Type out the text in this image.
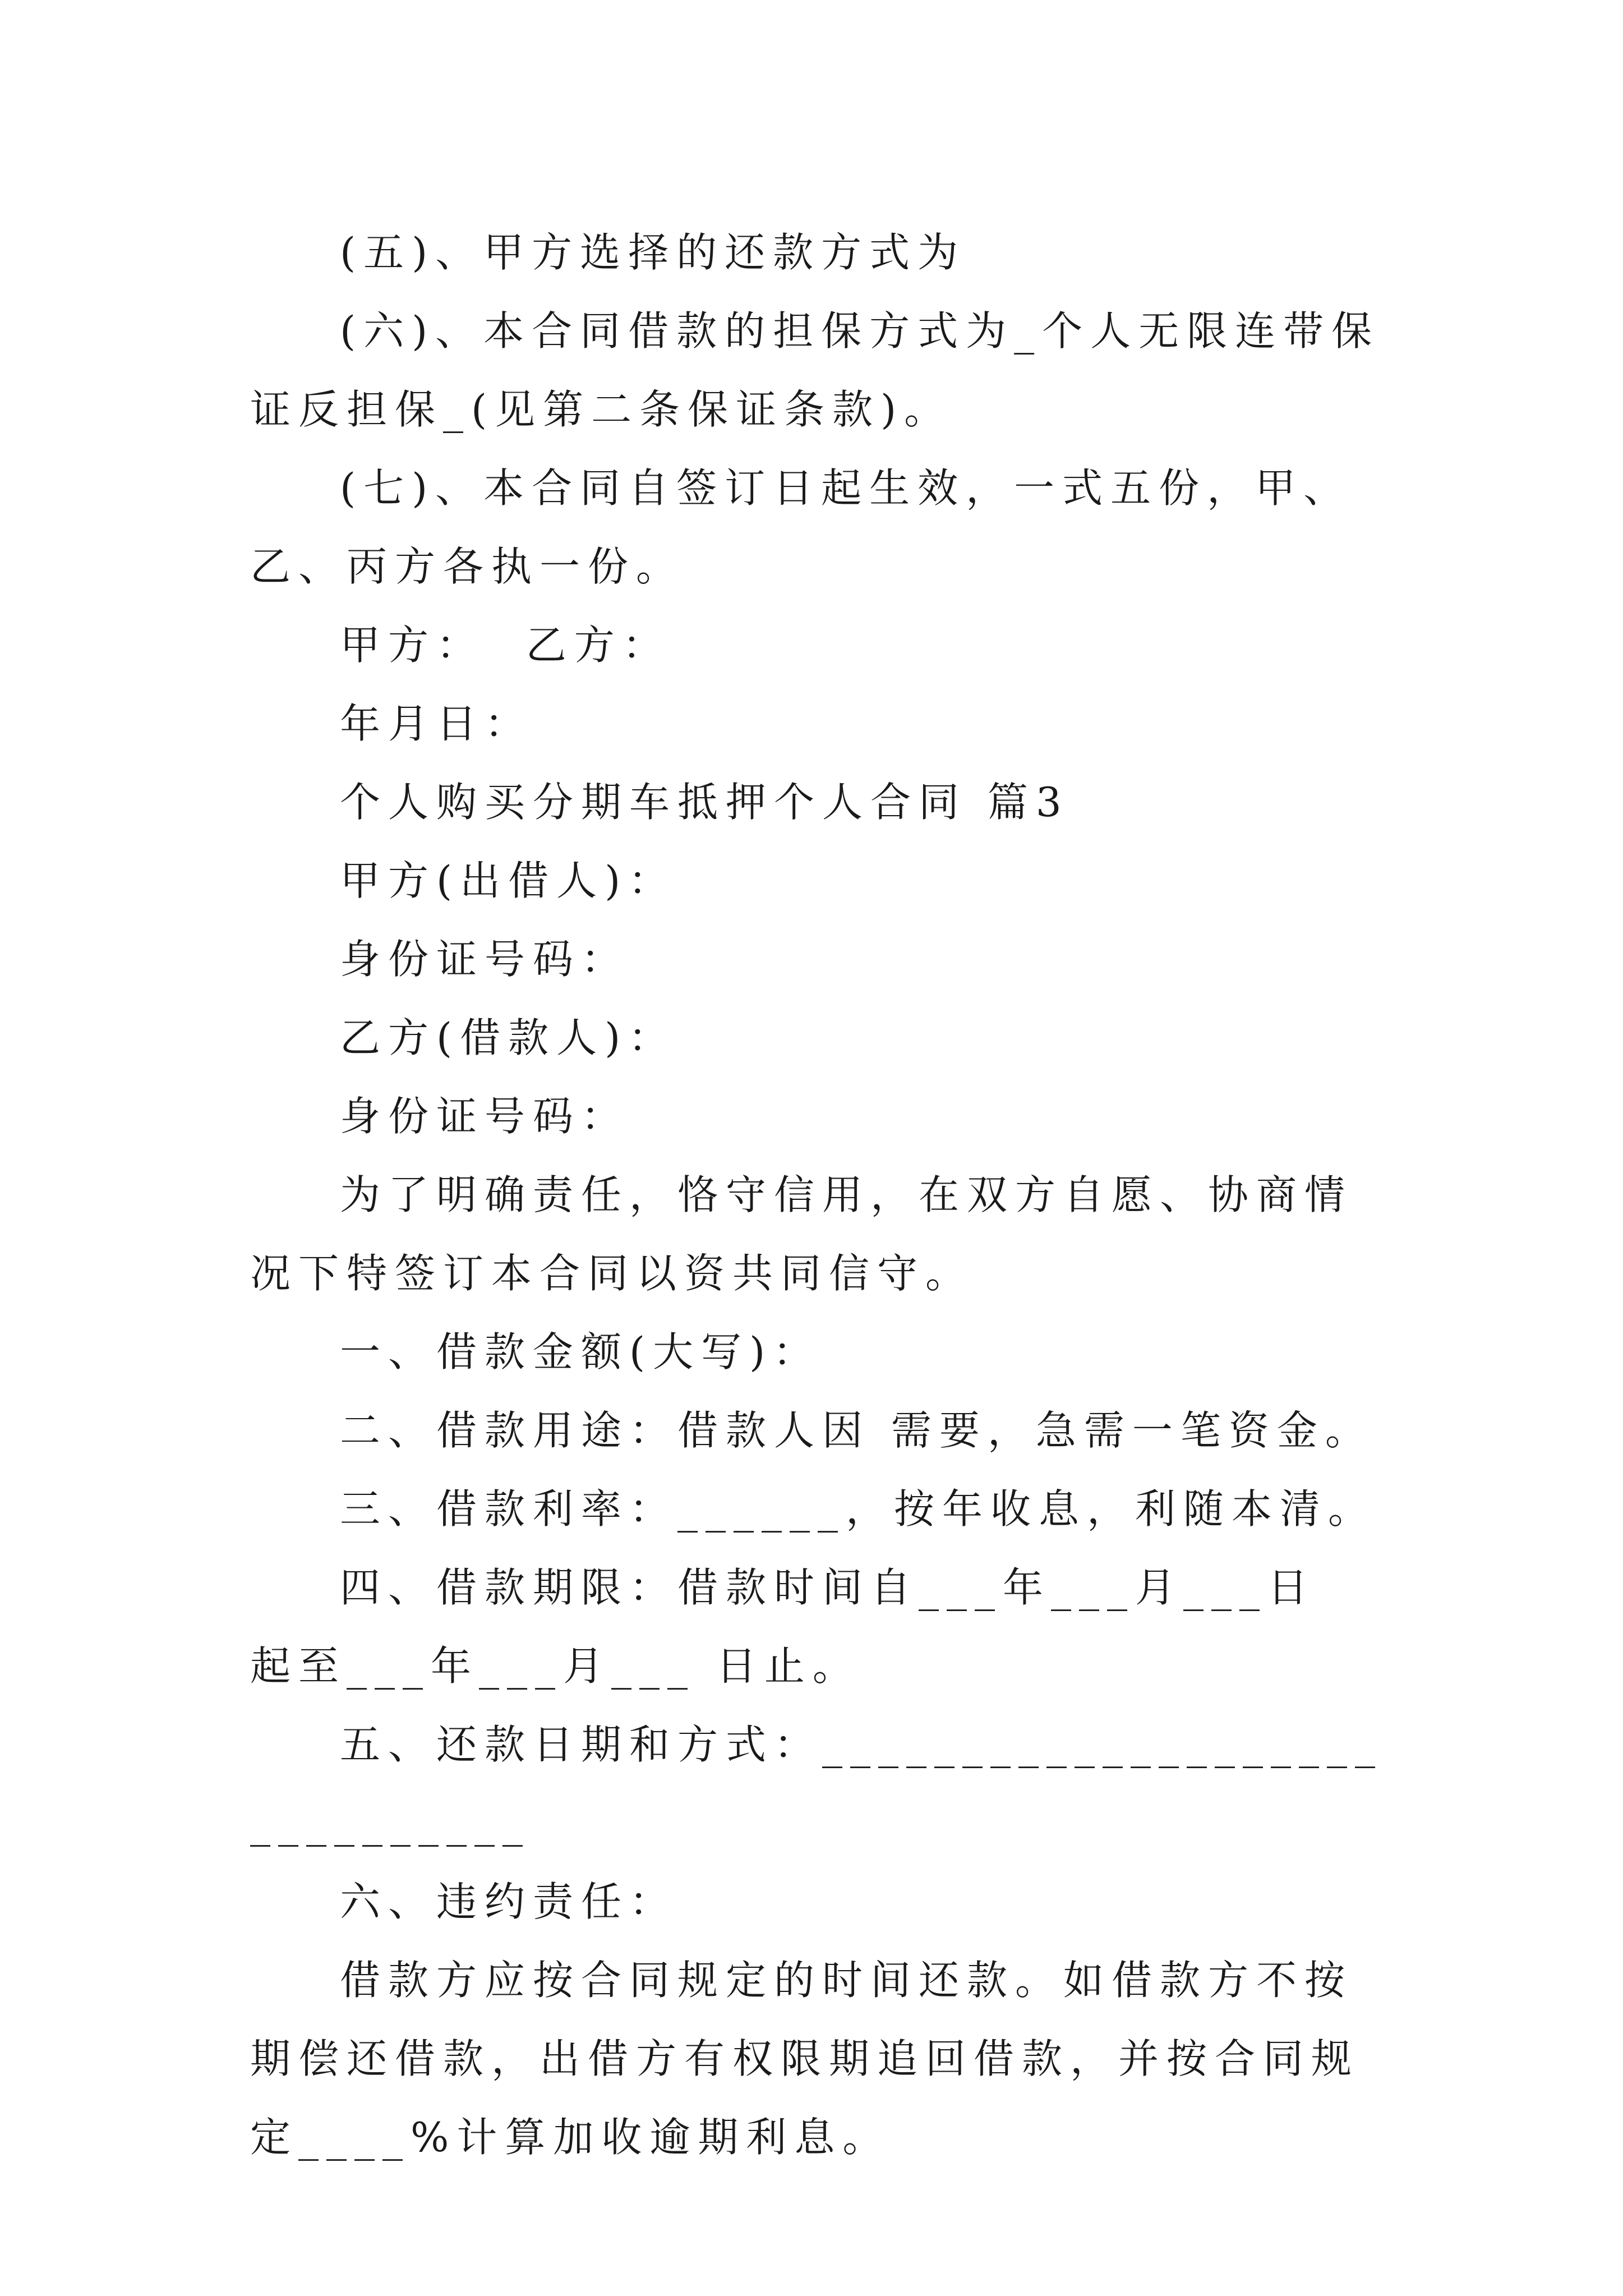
(五)、甲方选择的还款方式为

(六)、本合同借款的担保方式为_个人无限连带保证反担保_(见第二条保证条款)。

(七)、本合同自签订日起生效，一式五份，甲、乙、丙方各执一份。

甲方：  乙方：

年月日：

个人购买分期车抵押个人合同 篇3

甲方(出借人)：

身份证号码：

乙方(借款人)：

身份证号码：

为了明确责任，恪守信用，在双方自愿、协商情况下特签订本合同以资共同信守。

一、借款金额(大写)：

二、借款用途：借款人因 需要，急需一笔资金。

三、借款利率：______，按年收息，利随本清。

四、借款期限：借款时间自___年___月___日 起至___年___月___ 日止。

五、还款日期和方式：______________________________

六、违约责任：

借款方应按合同规定的时间还款。如借款方不按期偿还借款，出借方有权限期追回借款，并按合同规定____%计算加收逾期利息。
